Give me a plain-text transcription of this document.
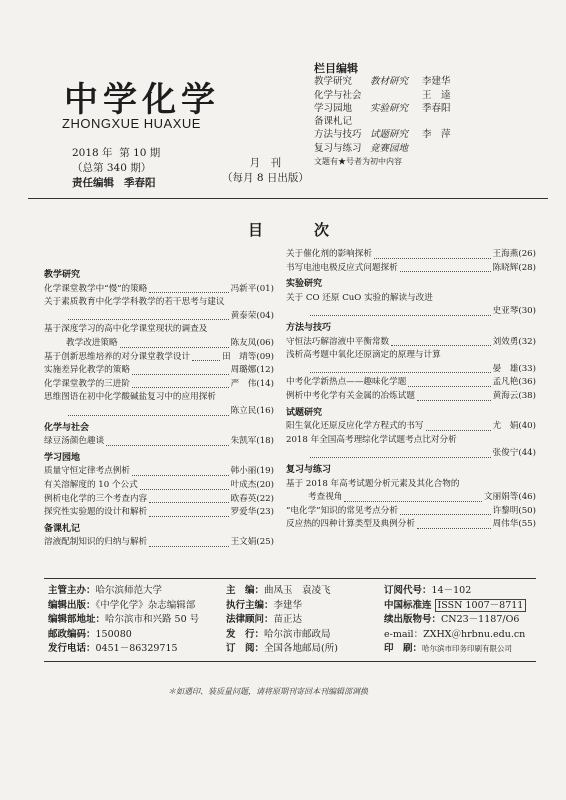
中学化学
ZHONGXUE HUAXUE
2018 年 第 10 期
（总第 340 期）
责任编辑 季春阳
月　刊
（每月 8 日出版）
栏目编辑
教学研究 教材研究 李建华
化学与社会	王　逵
学习园地 实验研究 季春阳
备课札记
方法与技巧 试题研究 李　萍
复习与练习 竞赛园地
文题有★号者为初中内容
目　次
教学研究
化学课堂教学中“慢”的策略	冯新平(01)
关于素质教育中化学学科教学的若干思考与建议
黄泰荣(04)
基于深度学习的高中化学课堂现状的调查及
教学改进策略	陈友凤(06)
基于创新思维培养的对分课堂教学设计	田　靖等(09)
实施差异化教学的策略	周璐娜(12)
化学课堂教学的三进阶	严　伟(14)
思维图语在初中化学酸碱盐复习中的应用探析
陈立民(16)
化学与社会
绿豆汤颜色趣谈	朱凯军(18)
学习园地
质量守恒定律考点例析	韩小丽(19)
有关溶解度的 10 个公式	叶成杰(20)
例析电化学的三个考查内容	欧春英(22)
探究性实验题的设计和解析	罗爱华(23)
备课札记
溶液配制知识的归纳与解析	王文娟(25)
关于催化剂的影响探析	王海燕(26)
书写电池电极反应式问题探析	陈晓辉(28)
实验研究
关于 CO 还原 CuO 实验的解读与改进
史亚琴(30)
方法与技巧
守恒法巧解溶液中平衡常数	刘效勇(32)
浅析高考题中氧化还原滴定的原理与计算
晏　雄(33)
中考化学新热点——趣味化学题	孟凡艳(36)
例析中考化学有关金属的冶炼试题	黄海云(38)
试题研究
阳生氧化还原反应化学方程式的书写	尤　娟(40)
2018 年全国高考理综化学试题考点比对分析
张俊宁(44)
复习与练习
基于 2018 年高考试题分析元素及其化合物的
考查视角	文丽娟等(46)
“电化学”知识的常见考点分析	许黎明(50)
反应热的四种计算类型及典例分析	周伟华(55)
主管主办：哈尔滨师范大学
编辑出版：《中学化学》杂志编辑部
编辑部地址：哈尔滨市和兴路 50 号
邮政编码：150080
发行电话：0451－86329715
主　编：曲凤玉　袁凌飞
执行主编：李建华
法律顾问：苗正达
发　行：哈尔滨市邮政局
订　阅：全国各地邮局(所)
订阅代号：14－102
中国标准连 ISSN 1007－8711
续出版物号：CN23－1187/O6
e-mail：ZXHX＠hrbnu.edu.cn
印　刷：哈尔滨市印务印刷有限公司
＊如遇印、装质量问题，请将原期刊寄回本刊编辑部调换
